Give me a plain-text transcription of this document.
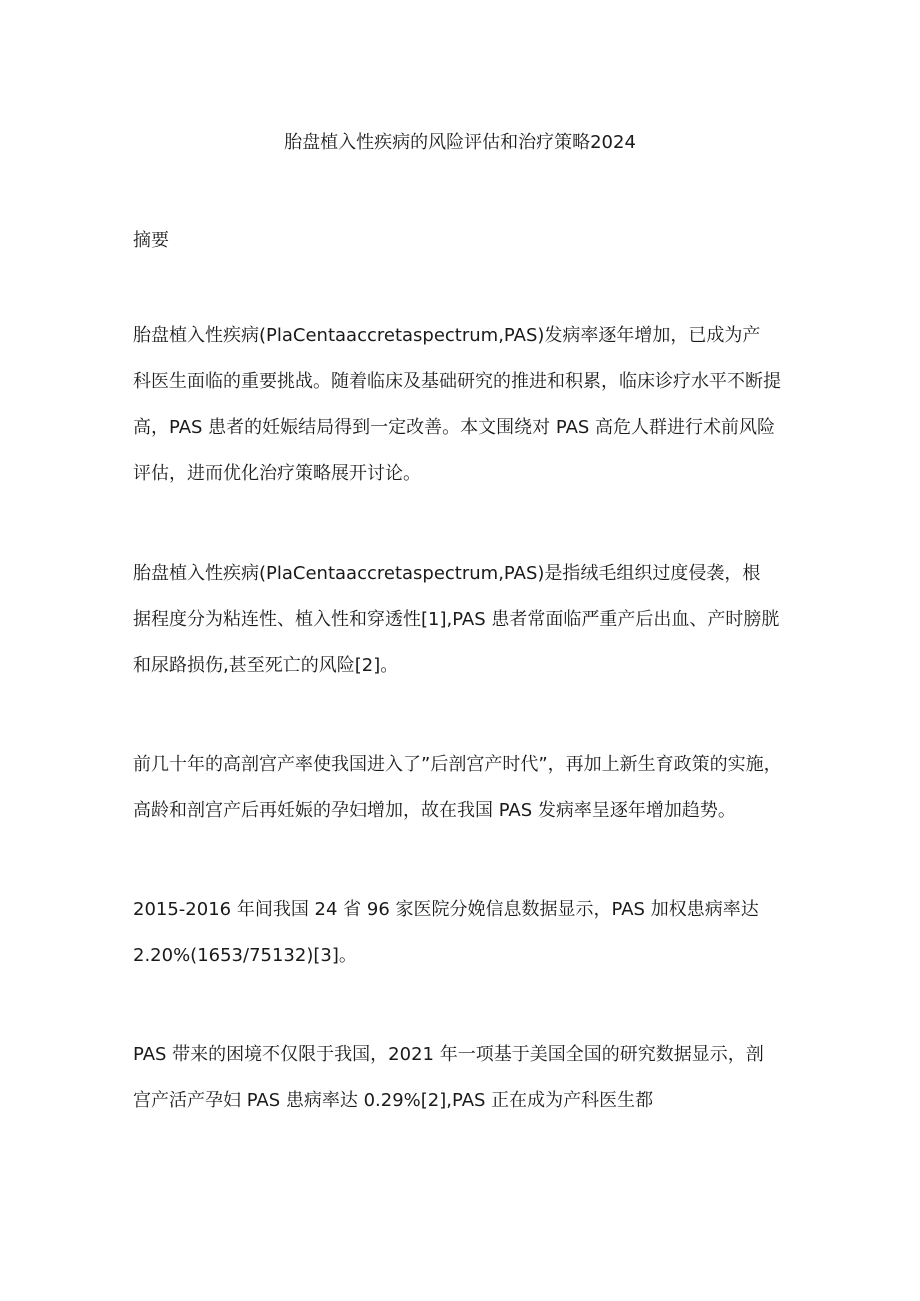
胎盘植入性疾病的风险评估和治疗策略2024
摘要

胎盘植入性疾病(PlaCentaaccretaspectrum,PAS)发病率逐年增加，已成为产
科医生面临的重要挑战。随着临床及基础研究的推进和积累，临床诊疗水平不断提
高，PAS 患者的妊娠结局得到一定改善。本文围绕对 PAS 高危人群进行术前风险
评估，进而优化治疗策略展开讨论。

胎盘植入性疾病(PlaCentaaccretaspectrum,PAS)是指绒毛组织过度侵袭，根
据程度分为粘连性、植入性和穿透性[1],PAS 患者常面临严重产后出血、产时膀胱
和尿路损伤,甚至死亡的风险[2]。

前几十年的高剖宫产率使我国进入了”后剖宫产时代”，再加上新生育政策的实施，
高龄和剖宫产后再妊娠的孕妇增加，故在我国 PAS 发病率呈逐年增加趋势。

2015-2016 年间我国 24 省 96 家医院分娩信息数据显示，PAS 加权患病率达
2.20%(1653/75132)[3]。

PAS 带来的困境不仅限于我国，2021 年一项基于美国全国的研究数据显示，剖
宫产活产孕妇 PAS 患病率达 0.29%[2],PAS 正在成为产科医生都
